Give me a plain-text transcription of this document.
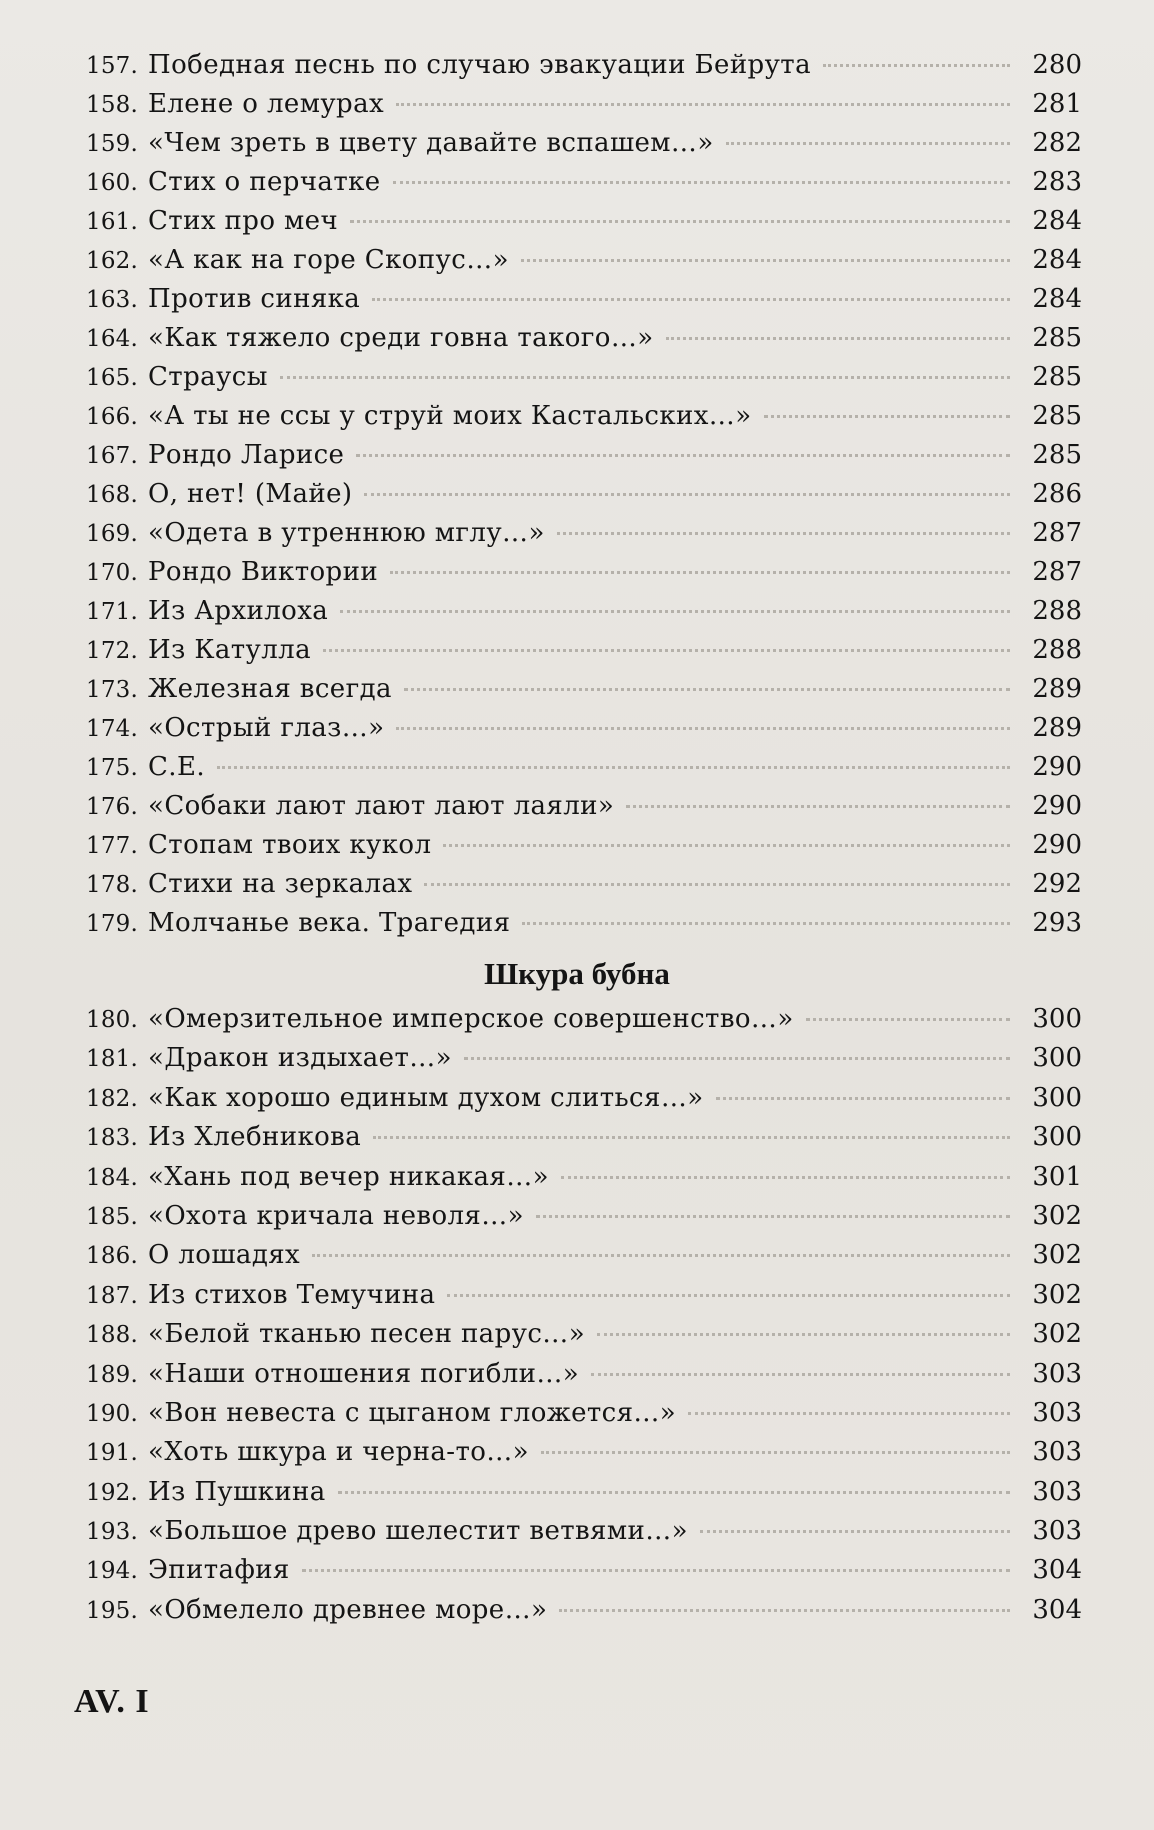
157. Победная песнь по случаю эвакуации Бейрута	280
158. Елене о лемурах	281
159. «Чем зреть в цвету давайте вспашем…»	282
160. Стих о перчатке	283
161. Стих про меч	284
162. «А как на горе Скопус…»	284
163. Против синяка	284
164. «Как тяжело среди говна такого…»	285
165. Страусы	285
166. «А ты не ссы у струй моих Кастальских…»	285
167. Рондо Ларисе	285
168. О, нет! (Майе)	286
169. «Одета в утреннюю мглу…»	287
170. Рондо Виктории	287
171. Из Архилоха	288
172. Из Катулла	288
173. Железная всегда	289
174. «Острый глаз…»	289
175. С.Е.	290
176. «Собаки лают лают лают лаяли»	290
177. Стопам твоих кукол	290
178. Стихи на зеркалах	292
179. Молчанье века. Трагедия	293
Шкура бубна
180. «Омерзительное имперское совершенство…»	300
181. «Дракон издыхает…»	300
182. «Как хорошо единым духом слиться…»	300
183. Из Хлебникова	300
184. «Хань под вечер никакая…»	301
185. «Охота кричала неволя…»	302
186. О лошадях	302
187. Из стихов Темучина	302
188. «Белой тканью песен парус…»	302
189. «Наши отношения погибли…»	303
190. «Вон невеста с цыганом гложется…»	303
191. «Хоть шкура и черна-то…»	303
192. Из Пушкина	303
193. «Большое древо шелестит ветвями…»	303
194. Эпитафия	304
195. «Обмелело древнее море…»	304
AV. I
